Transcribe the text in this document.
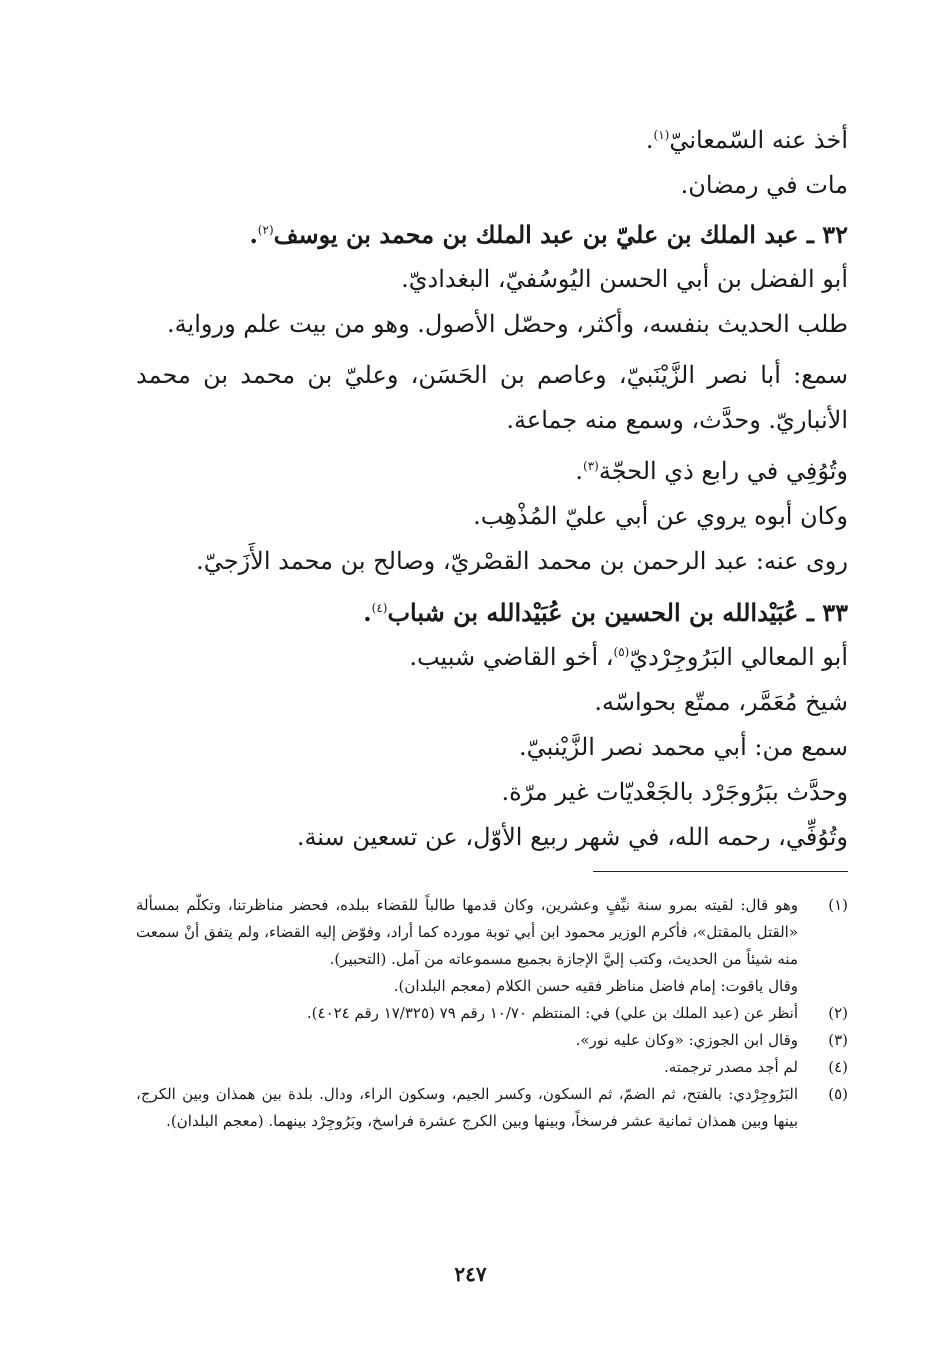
أخذ عنه السّمعانيّ$^{(١)}$.

مات في رمضان.

٣٢ ـ عبد الملك بن عليّ بن عبد الملك بن محمد بن يوسف$^{(٢)}$.

أبو الفضل بن أبي الحسن اليُوسُفيّ، البغداديّ.

طلب الحديث بنفسه، وأكثر، وحصّل الأصول. وهو من بيت علم ورواية.

سمع: أبا نصر الزَّيْنَبيّ، وعاصم بن الحَسَن، وعليّ بن محمد بن محمد الأنباريّ. وحدَّث، وسمع منه جماعة.

وتُوُفِي في رابع ذي الحجّة$^{(٣)}$.

وكان أبوه يروي عن أبي عليّ المُذْهِب.

روى عنه: عبد الرحمن بن محمد القصْريّ، وصالح بن محمد الأَزَجيّ.

٣٣ ـ عُبَيْدالله بن الحسين بن عُبَيْدالله بن شباب$^{(٤)}$.

أبو المعالي البَرُوجِرْديّ$^{(٥)}$، أخو القاضي شبيب.

شيخ مُعَمَّر، ممتّع بحواسّه.

سمع من: أبي محمد نصر الزَّيْنبيّ.

وحدَّث ببَرُوجَرْد بالجَعْديّات غير مرّة.

وتُوُفِّي، رحمه الله، في شهر ربيع الأوّل، عن تسعين سنة.

(١)

وهو قال: لقيته بمرو سنة نيِّفٍ وعشرين، وكان قدمها طالباً للقضاء ببلده، فحضر مناظرتنا، وتكلّم بمسألة «القتل بالمقتل»، فأكرم الوزير محمود ابن أبي توبة مورده كما أراد، وفوّض إليه القضاء، ولم يتفق أنْ سمعت منه شيئاً من الحديث، وكتب إليَّ الإجازة بجميع مسموعاته من آمل. (التحبير).

وقال ياقوت: إمام فاضل مناظر فقيه حسن الكلام (معجم البلدان).

(٢)

أنظر عن (عبد الملك بن علي) في: المنتظم ١٠/٧٠ رقم ٧٩ (١٧/٣٢٥ رقم ٤٠٢٤).

(٣)

وقال ابن الجوزي: «وكان عليه نور».

(٤)

لم أجد مصدر ترجمته.

(٥)

البَرُوجِرْدي: بالفتح، ثم الضمّ، ثم السكون، وكسر الجيم، وسكون الراء، ودال. بلدة بين همذان وبين الكرج، بينها وبين همذان ثمانية عشر فرسخاً، وبينها وبين الكرج عشرة فراسخ، وبَرُوجِرْد بينهما. (معجم البلدان).

٢٤٧
